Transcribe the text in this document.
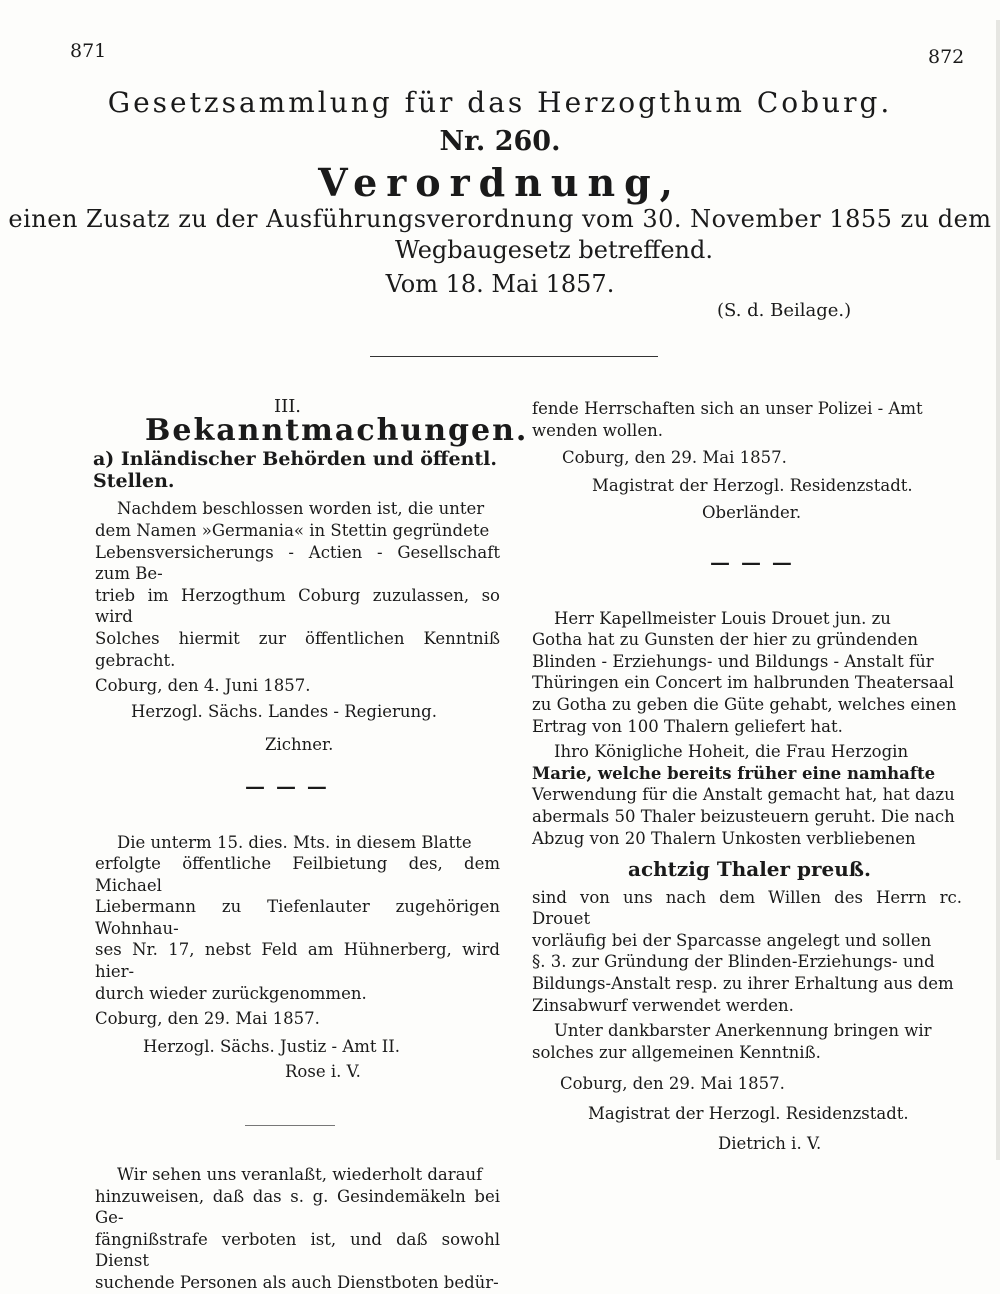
871	872
Gesetzsammlung für das Herzogthum Coburg.
Nr. 260.
Verordnung,
einen Zusatz zu der Ausführungsverordnung vom 30. November 1855 zu dem
Wegbaugesetz betreffend.
Vom 18. Mai 1857.
(S. d. Beilage.)
III.
Bekanntmachungen.
a) Inländischer Behörden und öffentl. Stellen.

Nachdem beschlossen worden ist, die unter

dem Namen »Germania« in Stettin gegründete

Lebensversicherungs - Actien - Gesellschaft zum Be-

trieb im Herzogthum Coburg zuzulassen, so wird

Solches hiermit zur öffentlichen Kenntniß gebracht.

Coburg, den 4. Juni 1857.
Herzogl. Sächs. Landes - Regierung.
Zichner.
— — —

Die unterm 15. dies. Mts. in diesem Blatte

erfolgte öffentliche Feilbietung des, dem Michael

Liebermann zu Tiefenlauter zugehörigen Wohnhau-

ses Nr. 17, nebst Feld am Hühnerberg, wird hier-

durch wieder zurückgenommen.

Coburg, den 29. Mai 1857.
Herzogl. Sächs. Justiz - Amt II.
Rose i. V.

Wir sehen uns veranlaßt, wiederholt darauf

hinzuweisen, daß das s. g. Gesindemäkeln bei Ge-

fängnißstrafe verboten ist, und daß sowohl Dienst

suchende Personen als auch Dienstboten bedür-

fende Herrschaften sich an unser Polizei - Amt

wenden wollen.

Coburg, den 29. Mai 1857.
Magistrat der Herzogl. Residenzstadt.
Oberländer.
— — —

Herr Kapellmeister Louis Drouet jun. zu

Gotha hat zu Gunsten der hier zu gründenden

Blinden - Erziehungs- und Bildungs - Anstalt für

Thüringen ein Concert im halbrunden Theatersaal

zu Gotha zu geben die Güte gehabt, welches einen

Ertrag von 100 Thalern geliefert hat.

Ihro Königliche Hoheit, die Frau Herzogin

Marie, welche bereits früher eine namhafte

Verwendung für die Anstalt gemacht hat, hat dazu

abermals 50 Thaler beizusteuern geruht. Die nach

Abzug von 20 Thalern Unkosten verbliebenen

achtzig Thaler preuß.

sind von uns nach dem Willen des Herrn rc. Drouet

vorläufig bei der Sparcasse angelegt und sollen

§. 3. zur Gründung der Blinden-Erziehungs- und

Bildungs-Anstalt resp. zu ihrer Erhaltung aus dem

Zinsabwurf verwendet werden.

Unter dankbarster Anerkennung bringen wir

solches zur allgemeinen Kenntniß.

Coburg, den 29. Mai 1857.
Magistrat der Herzogl. Residenzstadt.
Dietrich i. V.
